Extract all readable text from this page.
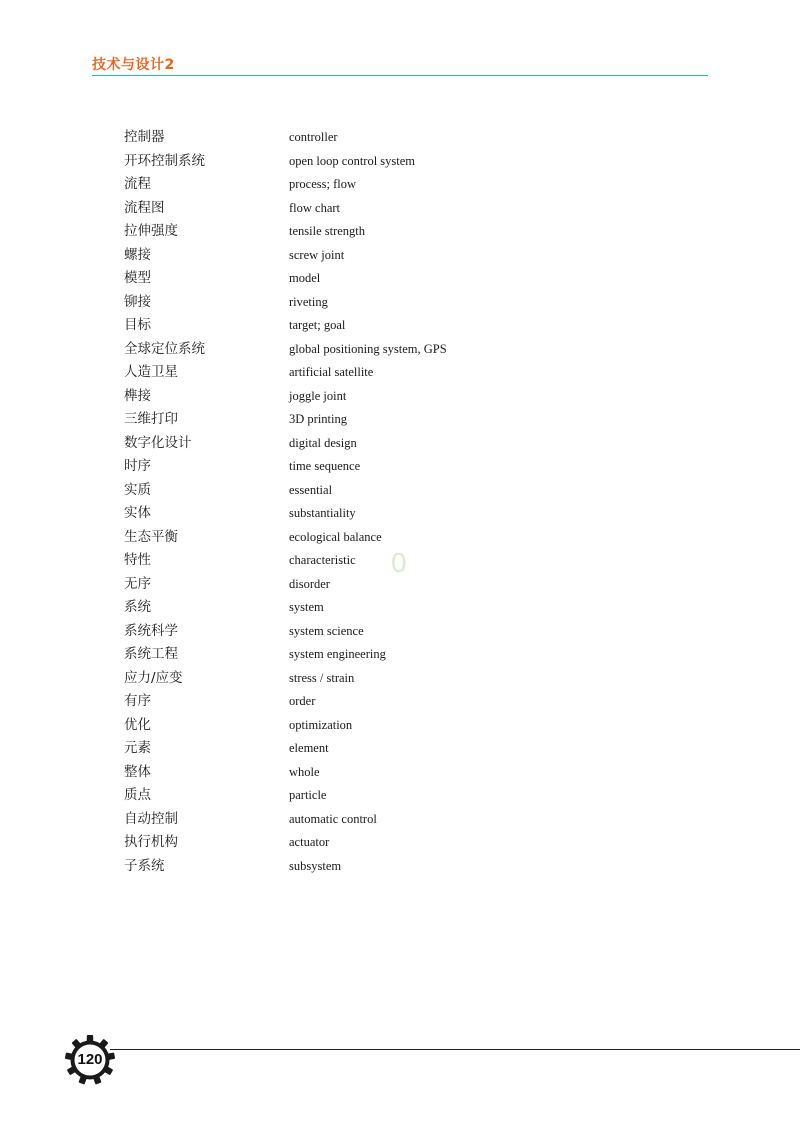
技术与设计2
控制器	controller
开环控制系统	open loop control system
流程	process; flow
流程图	flow chart
拉伸强度	tensile strength
螺接	screw joint
模型	model
铆接	riveting
目标	target; goal
全球定位系统	global positioning system, GPS
人造卫星	artificial satellite
榫接	joggle joint
三维打印	3D printing
数字化设计	digital design
时序	time sequence
实质	essential
实体	substantiality
生态平衡	ecological balance
特性	characteristic
无序	disorder
系统	system
系统科学	system science
系统工程	system engineering
应力/应变	stress / strain
有序	order
优化	optimization
元素	element
整体	whole
质点	particle
自动控制	automatic control
执行机构	actuator
子系统	subsystem
0
120
